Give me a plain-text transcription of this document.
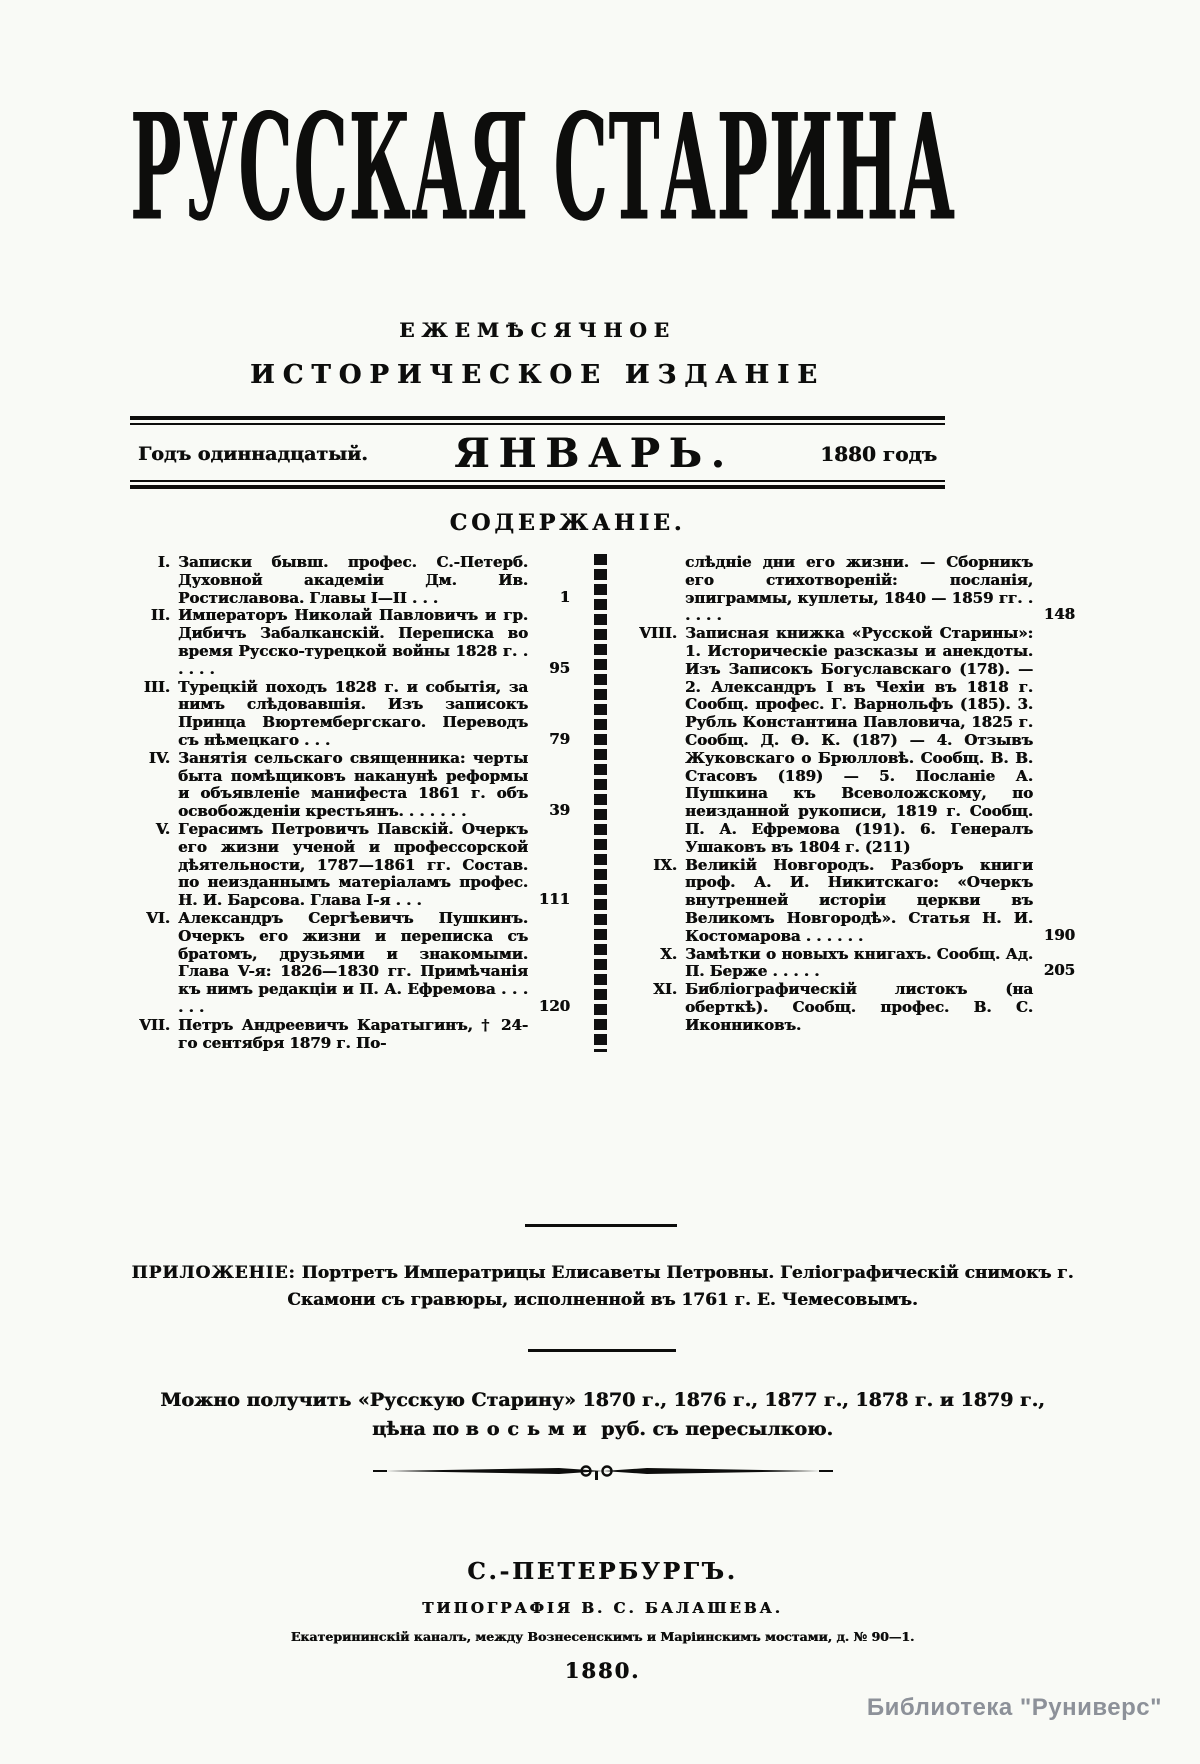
РУССКАЯ СТАРИНА
ЕЖЕМѢСЯЧНОЕ
ИСТОРИЧЕСКОЕ ИЗДАНІЕ
Годъ одиннадцатый. ЯНВАРЬ.	1880 годъ
СОДЕРЖАНІЕ.
I. Записки бывш. профес. С.-Петерб. Духовной академіи Дм. Ив. Ростиславова. Главы I—II . . .	1
II. Императоръ Николай Павловичъ и гр. Дибичъ Забалканскій. Переписка во время Русско-турецкой войны 1828 г. . . . . .	95
III. Турецкій походъ 1828 г. и событія, за нимъ слѣдовавшія. Изъ записокъ Принца Вюртембергскаго. Переводъ съ нѣмецкаго . . .	79
IV. Занятія сельскаго священника: черты быта помѣщиковъ наканунѣ реформы и объявленіе манифеста 1861 г. объ освобожденіи крестьянъ. . . . . . .	39
V. Герасимъ Петровичъ Павскій. Очеркъ его жизни ученой и профессорской дѣятельности, 1787—1861 гг. Состав. по неизданнымъ матеріаламъ профес. Н. И. Барсова. Глава I-я . . .	111
VI. Александръ Сергѣевичъ Пушкинъ. Очеркъ его жизни и переписка съ братомъ, друзьями и знакомыми. Глава V-я: 1826—1830 гг. Примѣчанія къ нимъ редакціи и П. А. Ефремова . . . . . .	120
VII. Петръ Андреевичъ Каратыгинъ, † 24-го сентября 1879 г. По-
слѣдніе дни его жизни. — Сборникъ его стихотвореній: посланія, эпиграммы, куплеты, 1840 — 1859 гг. . . . . .	148
VIII. Записная книжка «Русской Старины»: 1. Историческіе разсказы и анекдоты. Изъ Записокъ Богуславскаго (178). — 2. Александръ I въ Чехіи въ 1818 г. Сообщ. профес. Г. Варнольфъ (185). 3. Рубль Константина Павловича, 1825 г. Сообщ. Д. Ѳ. К. (187) — 4. Отзывъ Жуковскаго о Брюлловѣ. Сообщ. В. В. Стасовъ (189) — 5. Посланіе А. Пушкина къ Всеволожскому, по неизданной рукописи, 1819 г. Сообщ. П. А. Ефремова (191). 6. Генералъ Ушаковъ въ 1804 г. (211)
IX. Великій Новгородъ. Разборъ книги проф. А. И. Никитскаго: «Очеркъ внутренней исторіи церкви въ Великомъ Новгородѣ». Статья Н. И. Костомарова . . . . . .	190
X. Замѣтки о новыхъ книгахъ. Сообщ. Ад. П. Берже . . . . .	205
XI. Библіографическій листокъ (на оберткѣ). Сообщ. профес. В. С. Иконниковъ.
ПРИЛОЖЕНІЕ: Портретъ Императрицы Елисаветы Петровны. Геліографическій снимокъ г. Скамони съ гравюры, исполненной въ 1761 г. Е. Чемесовымъ.
Можно получить «Русскую Старину» 1870 г., 1876 г., 1877 г., 1878 г. и 1879 г.,
цѣна по восьми руб. съ пересылкою.
С.-ПЕТЕРБУРГЪ.
ТИПОГРАФІЯ В. С. БАЛАШЕВА.
Екатерининскій каналъ, между Вознесенскимъ и Маріинскимъ мостами, д. № 90—1.
1880.
Библиотека "Руниверс"
